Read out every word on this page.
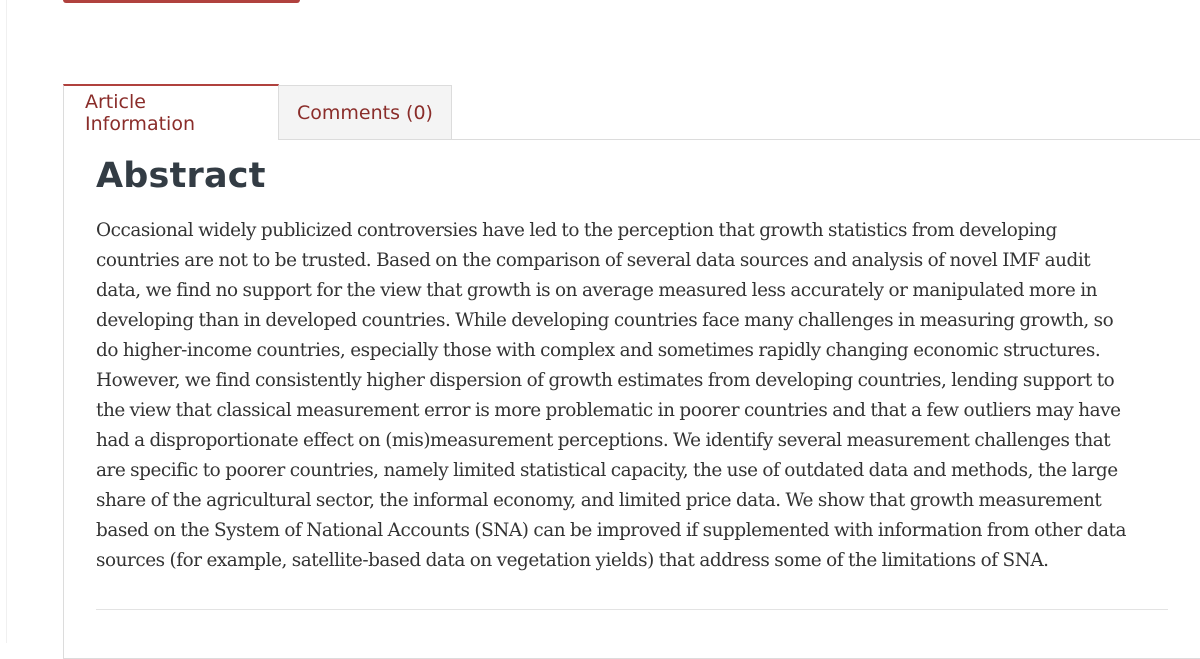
Article Information
Comments (0)
Abstract

Occasional widely publicized controversies have led to the perception that growth statistics from developing
countries are not to be trusted. Based on the comparison of several data sources and analysis of novel IMF audit
data, we find no support for the view that growth is on average measured less accurately or manipulated more in
developing than in developed countries. While developing countries face many challenges in measuring growth, so
do higher-income countries, especially those with complex and sometimes rapidly changing economic structures.
However, we find consistently higher dispersion of growth estimates from developing countries, lending support to
the view that classical measurement error is more problematic in poorer countries and that a few outliers may have
had a disproportionate effect on (mis)measurement perceptions. We identify several measurement challenges that
are specific to poorer countries, namely limited statistical capacity, the use of outdated data and methods, the large
share of the agricultural sector, the informal economy, and limited price data. We show that growth measurement
based on the System of National Accounts (SNA) can be improved if supplemented with information from other data
sources (for example, satellite-based data on vegetation yields) that address some of the limitations of SNA.
